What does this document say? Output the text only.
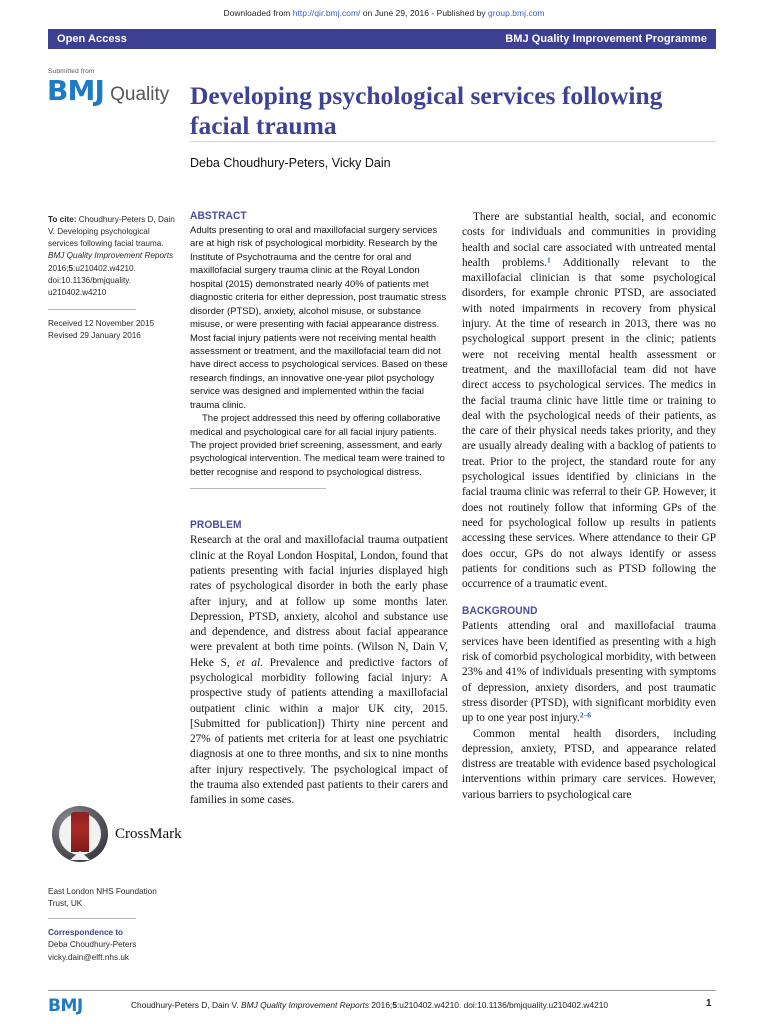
Downloaded from http://qir.bmj.com/ on June 29, 2016 - Published by group.bmj.com
Open Access	BMJ Quality Improvement Programme
Submitted from
BMJ Quality Developing psychological services following facial trauma
Deba Choudhury-Peters, Vicky Dain
To cite: Choudhury-Peters D, Dain V. Developing psychological services following facial trauma. BMJ Quality Improvement Reports 2016;5:u210402.w4210. doi:10.1136/bmjquality. u210402.w4210
Received 12 November 2015
Revised 29 January 2016
CrossMark
East London NHS Foundation Trust, UK
Correspondence to
Deba Choudhury-Peters
vicky.dain@elft.nhs.uk
ABSTRACT

Adults presenting to oral and maxillofacial surgery services are at high risk of psychological morbidity. Research by the Institute of Psychotrauma and the centre for oral and maxillofacial surgery trauma clinic at the Royal London hospital (2015) demonstrated nearly 40% of patients met diagnostic criteria for either depression, post traumatic stress disorder (PTSD), anxiety, alcohol misuse, or substance misuse, or were presenting with facial appearance distress. Most facial injury patients were not receiving mental health assessment or treatment, and the maxillofacial team did not have direct access to psychological services. Based on these research findings, an innovative one-year pilot psychology service was designed and implemented within the facial trauma clinic.

The project addressed this need by offering collaborative medical and psychological care for all facial injury patients. The project provided brief screening, assessment, and early psychological intervention. The medical team were trained to better recognise and respond to psychological distress.

PROBLEM

Research at the oral and maxillofacial trauma outpatient clinic at the Royal London Hospital, London, found that patients presenting with facial injuries displayed high rates of psychological disorder in both the early phase after injury, and at follow up some months later. Depression, PTSD, anxiety, alcohol and substance use and dependence, and distress about facial appearance were prevalent at both time points. (Wilson N, Dain V, Heke S, et al. Prevalence and predictive factors of psychological morbidity following facial injury: A prospective study of patients attending a maxillofacial outpatient clinic within a major UK city, 2015. [Submitted for publication]) Thirty nine percent and 27% of patients met criteria for at least one psychiatric diagnosis at one to three months, and six to nine months after injury respectively. The psychological impact of the trauma also extended past patients to their carers and families in some cases.

There are substantial health, social, and economic costs for individuals and communities in providing health and social care associated with untreated mental health problems.$^1$ Additionally relevant to the maxillofacial clinician is that some psychological disorders, for example chronic PTSD, are associated with noted impairments in recovery from physical injury. At the time of research in 2013, there was no psychological support present in the clinic; patients were not receiving mental health assessment or treatment, and the maxillofacial team did not have direct access to psychological services. The medics in the facial trauma clinic have little time or training to deal with the psychological needs of their patients, as the care of their physical needs takes priority, and they are usually already dealing with a backlog of patients to treat. Prior to the project, the standard route for any psychological issues identified by clinicians in the facial trauma clinic was referral to their GP. However, it does not routinely follow that informing GPs of the need for psychological follow up results in patients accessing these services. Where attendance to their GP does occur, GPs do not always identify or assess patients for conditions such as PTSD following the occurrence of a traumatic event.

BACKGROUND

Patients attending oral and maxillofacial trauma services have been identified as presenting with a high risk of comorbid psychological morbidity, with between 23% and 41% of individuals presenting with symptoms of depression, anxiety disorders, and post traumatic stress disorder (PTSD), with significant morbidity even up to one year post injury.$^{2-6}$

Common mental health disorders, including depression, anxiety, PTSD, and appearance related distress are treatable with evidence based psychological interventions within primary care services. However, various barriers to psychological care

BMJ	Choudhury-Peters D, Dain V. BMJ Quality Improvement Reports 2016;5:u210402.w4210. doi:10.1136/bmjquality.u210402.w4210	1
